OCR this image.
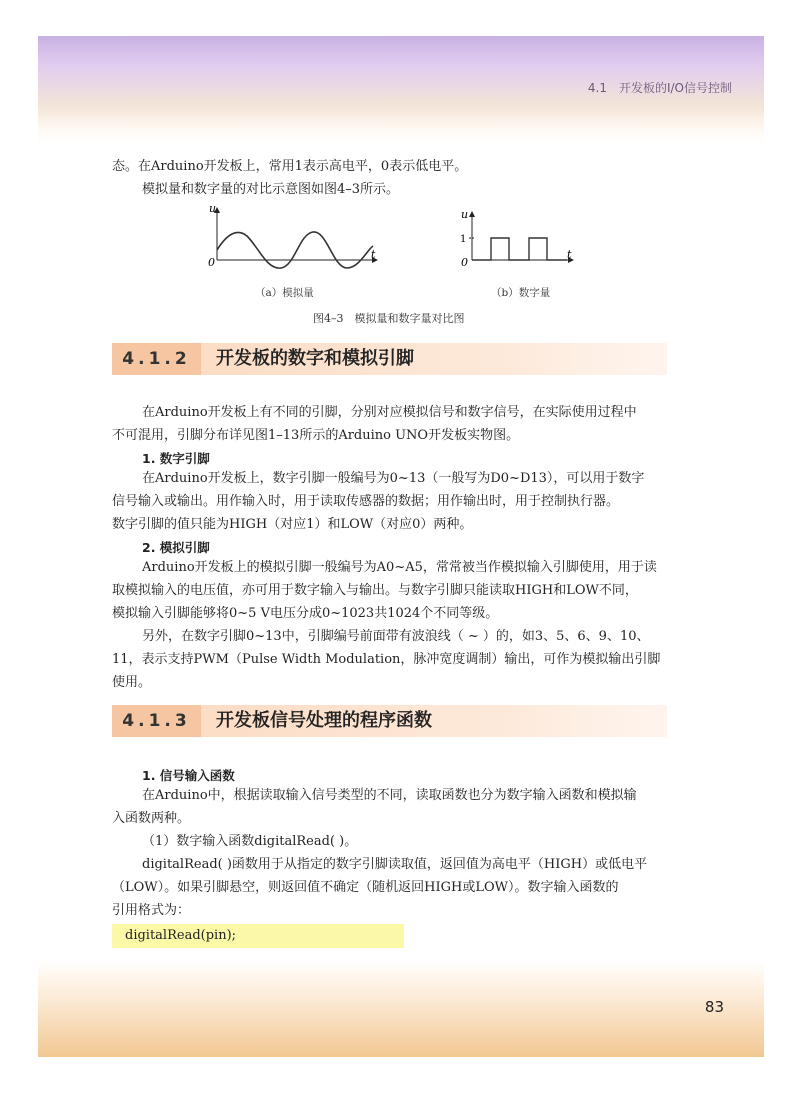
4.1　开发板的I/O信号控制
态。在Arduino开发板上，常用1表示高电平，0表示低电平。
模拟量和数字量的对比示意图如图4–3所示。
u
t
0
（a）模拟量
u
1
t
0
（b）数字量
图4–3　模拟量和数字量对比图
4.1.2	开发板的数字和模拟引脚
在Arduino开发板上有不同的引脚，分别对应模拟信号和数字信号，在实际使用过程中
不可混用，引脚分布详见图1–13所示的Arduino UNO开发板实物图。
1. 数字引脚
在Arduino开发板上，数字引脚一般编号为0~13（一般写为D0~D13），可以用于数字
信号输入或输出。用作输入时，用于读取传感器的数据；用作输出时，用于控制执行器。
数字引脚的值只能为HIGH（对应1）和LOW（对应0）两种。
2. 模拟引脚
Arduino开发板上的模拟引脚一般编号为A0~A5，常常被当作模拟输入引脚使用，用于读
取模拟输入的电压值，亦可用于数字输入与输出。与数字引脚只能读取HIGH和LOW不同，
模拟输入引脚能够将0~5 V电压分成0~1023共1024个不同等级。
另外，在数字引脚0~13中，引脚编号前面带有波浪线（ ~ ）的，如3、5、6、9、10、
11，表示支持PWM（Pulse Width Modulation，脉冲宽度调制）输出，可作为模拟输出引脚
使用。
4.1.3	开发板信号处理的程序函数
1. 信号输入函数
在Arduino中，根据读取输入信号类型的不同，读取函数也分为数字输入函数和模拟输
入函数两种。
（1）数字输入函数digitalRead( )。
digitalRead( )函数用于从指定的数字引脚读取值，返回值为高电平（HIGH）或低电平
（LOW）。如果引脚悬空，则返回值不确定（随机返回HIGH或LOW）。数字输入函数的
引用格式为：
digitalRead(pin);
83
